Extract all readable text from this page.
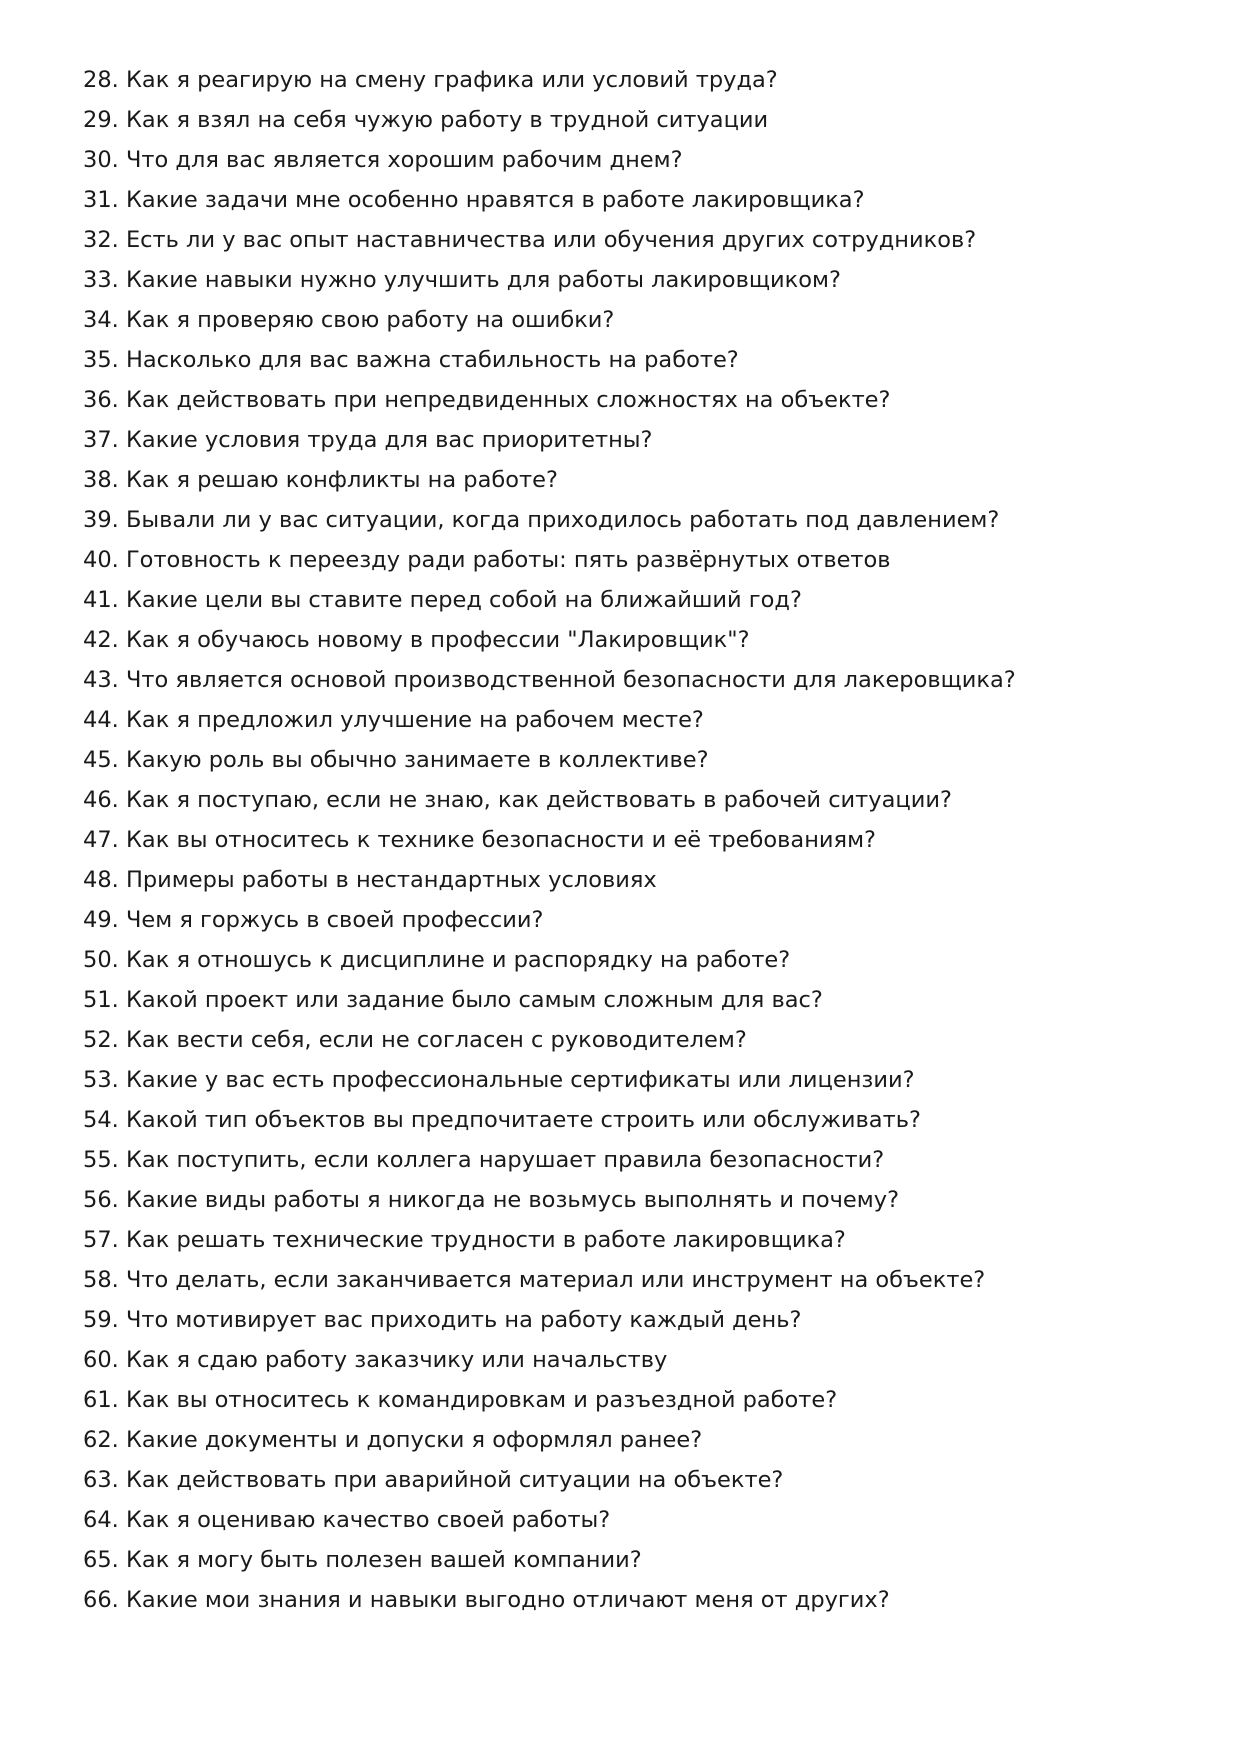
28. Как я реагирую на смену графика или условий труда?
29. Как я взял на себя чужую работу в трудной ситуации
30. Что для вас является хорошим рабочим днем?
31. Какие задачи мне особенно нравятся в работе лакировщика?
32. Есть ли у вас опыт наставничества или обучения других сотрудников?
33. Какие навыки нужно улучшить для работы лакировщиком?
34. Как я проверяю свою работу на ошибки?
35. Насколько для вас важна стабильность на работе?
36. Как действовать при непредвиденных сложностях на объекте?
37. Какие условия труда для вас приоритетны?
38. Как я решаю конфликты на работе?
39. Бывали ли у вас ситуации, когда приходилось работать под давлением?
40. Готовность к переезду ради работы: пять развёрнутых ответов
41. Какие цели вы ставите перед собой на ближайший год?
42. Как я обучаюсь новому в профессии "Лакировщик"?
43. Что является основой производственной безопасности для лакеровщика?
44. Как я предложил улучшение на рабочем месте?
45. Какую роль вы обычно занимаете в коллективе?
46. Как я поступаю, если не знаю, как действовать в рабочей ситуации?
47. Как вы относитесь к технике безопасности и её требованиям?
48. Примеры работы в нестандартных условиях
49. Чем я горжусь в своей профессии?
50. Как я отношусь к дисциплине и распорядку на работе?
51. Какой проект или задание было самым сложным для вас?
52. Как вести себя, если не согласен с руководителем?
53. Какие у вас есть профессиональные сертификаты или лицензии?
54. Какой тип объектов вы предпочитаете строить или обслуживать?
55. Как поступить, если коллега нарушает правила безопасности?
56. Какие виды работы я никогда не возьмусь выполнять и почему?
57. Как решать технические трудности в работе лакировщика?
58. Что делать, если заканчивается материал или инструмент на объекте?
59. Что мотивирует вас приходить на работу каждый день?
60. Как я сдаю работу заказчику или начальству
61. Как вы относитесь к командировкам и разъездной работе?
62. Какие документы и допуски я оформлял ранее?
63. Как действовать при аварийной ситуации на объекте?
64. Как я оцениваю качество своей работы?
65. Как я могу быть полезен вашей компании?
66. Какие мои знания и навыки выгодно отличают меня от других?
